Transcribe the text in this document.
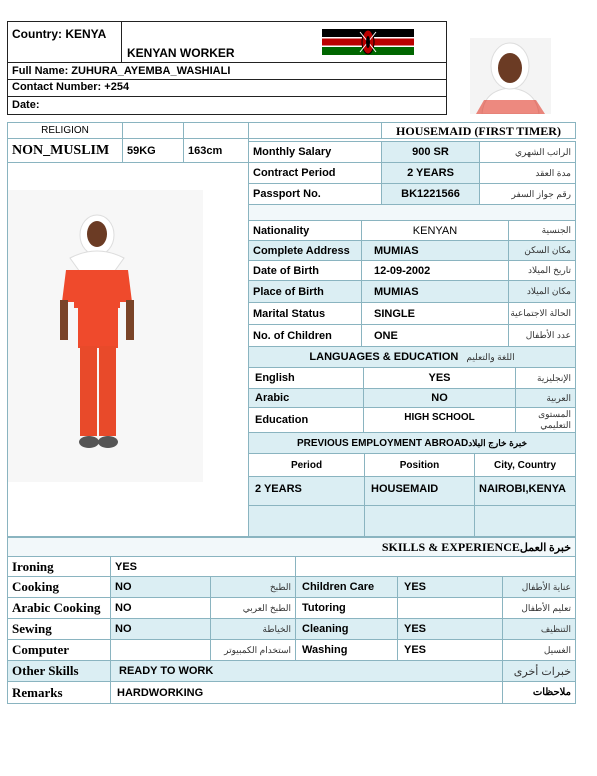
Country: KENYA
KENYAN WORKER
Full Name: ZUHURA_AYEMBA_WASHIALI
Contact Number: +254
Date:
RELIGION	HOUSEMAID (FIRST TIMER)
NON_MUSLIM	59KG	163cm	Monthly Salary	900 SR	الراتب الشهري
Contract Period	2 YEARS	مدة العقد
Passport No.	BK1221566	رقم جواز السفر
Nationality	KENYAN	الجنسية
Complete Address	MUMIAS	مكان السكن
Date of Birth	12-09-2002	تاريخ الميلاد
Place of Birth	MUMIAS	مكان الميلاد
Marital Status	SINGLE	الحالة الاجتماعية
No. of Children	ONE	عدد الأطفال
LANGUAGES & EDUCATION اللغة والتعليم
English	YES	الإنجليزية
Arabic	NO	العربية
Education	HIGH SCHOOL	المستوى التعليمي
PREVIOUS EMPLOYMENT ABROAD خبرة خارج البلاد
Period	Position	City, Country
2 YEARS	HOUSEMAID	NAIROBI,KENYA
SKILLS & EXPERIENCE خبرة العمل
Ironing	YES
Cooking	NO	الطبخ	Children Care	YES	عناية الأطفال
Arabic Cooking	NO	الطبخ العربي	Tutoring	تعليم الأطفال
Sewing	NO	الخياطة	Cleaning	YES	التنظيف
Computer	استخدام الكمبيوتر	Washing	YES	الغسيل
Other Skills	READY TO WORK	خبرات أخرى
Remarks	HARDWORKING	ملاحظات
